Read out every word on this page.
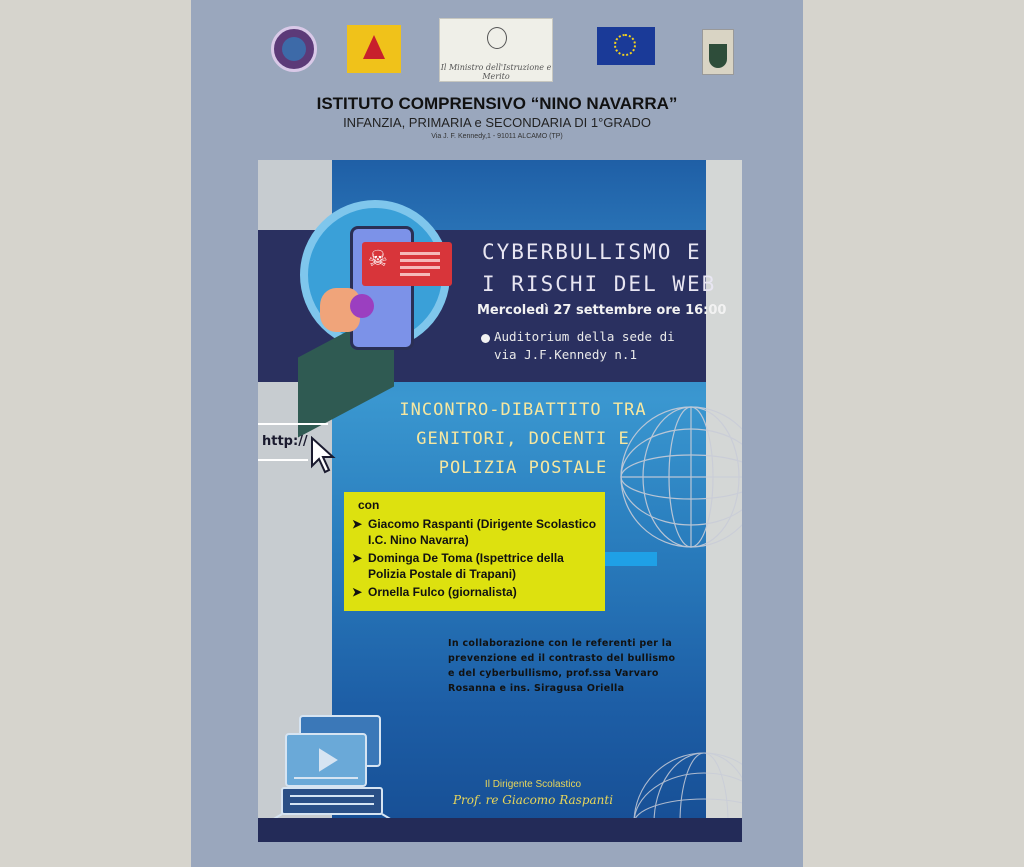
Il Ministro dell'Istruzione e Merito
ISTITUTO COMPRENSIVO “NINO NAVARRA”
INFANZIA, PRIMARIA e SECONDARIA DI 1°GRADO
Via J. F. Kennedy,1 - 91011 ALCAMO (TP)
☠	CYBERBULLISMO E I RISCHI DEL WEB
Mercoledì 27 settembre ore 16:00
Auditorium della sede di via J.F.Kennedy n.1
http://
INCONTRO-DIBATTITO TRA GENITORI, DOCENTI E POLIZIA POSTALE
con
➤ Giacomo Raspanti (Dirigente Scolastico I.C. Nino Navarra)
➤ Dominga De Toma (Ispettrice della Polizia Postale di Trapani)
➤ Ornella Fulco (giornalista)
In collaborazione con le referenti per la prevenzione ed il contrasto del bullismo e del cyberbullismo, prof.ssa Varvaro Rosanna e ins. Siragusa Oriella
Il Dirigente Scolastico
Prof. re Giacomo Raspanti
